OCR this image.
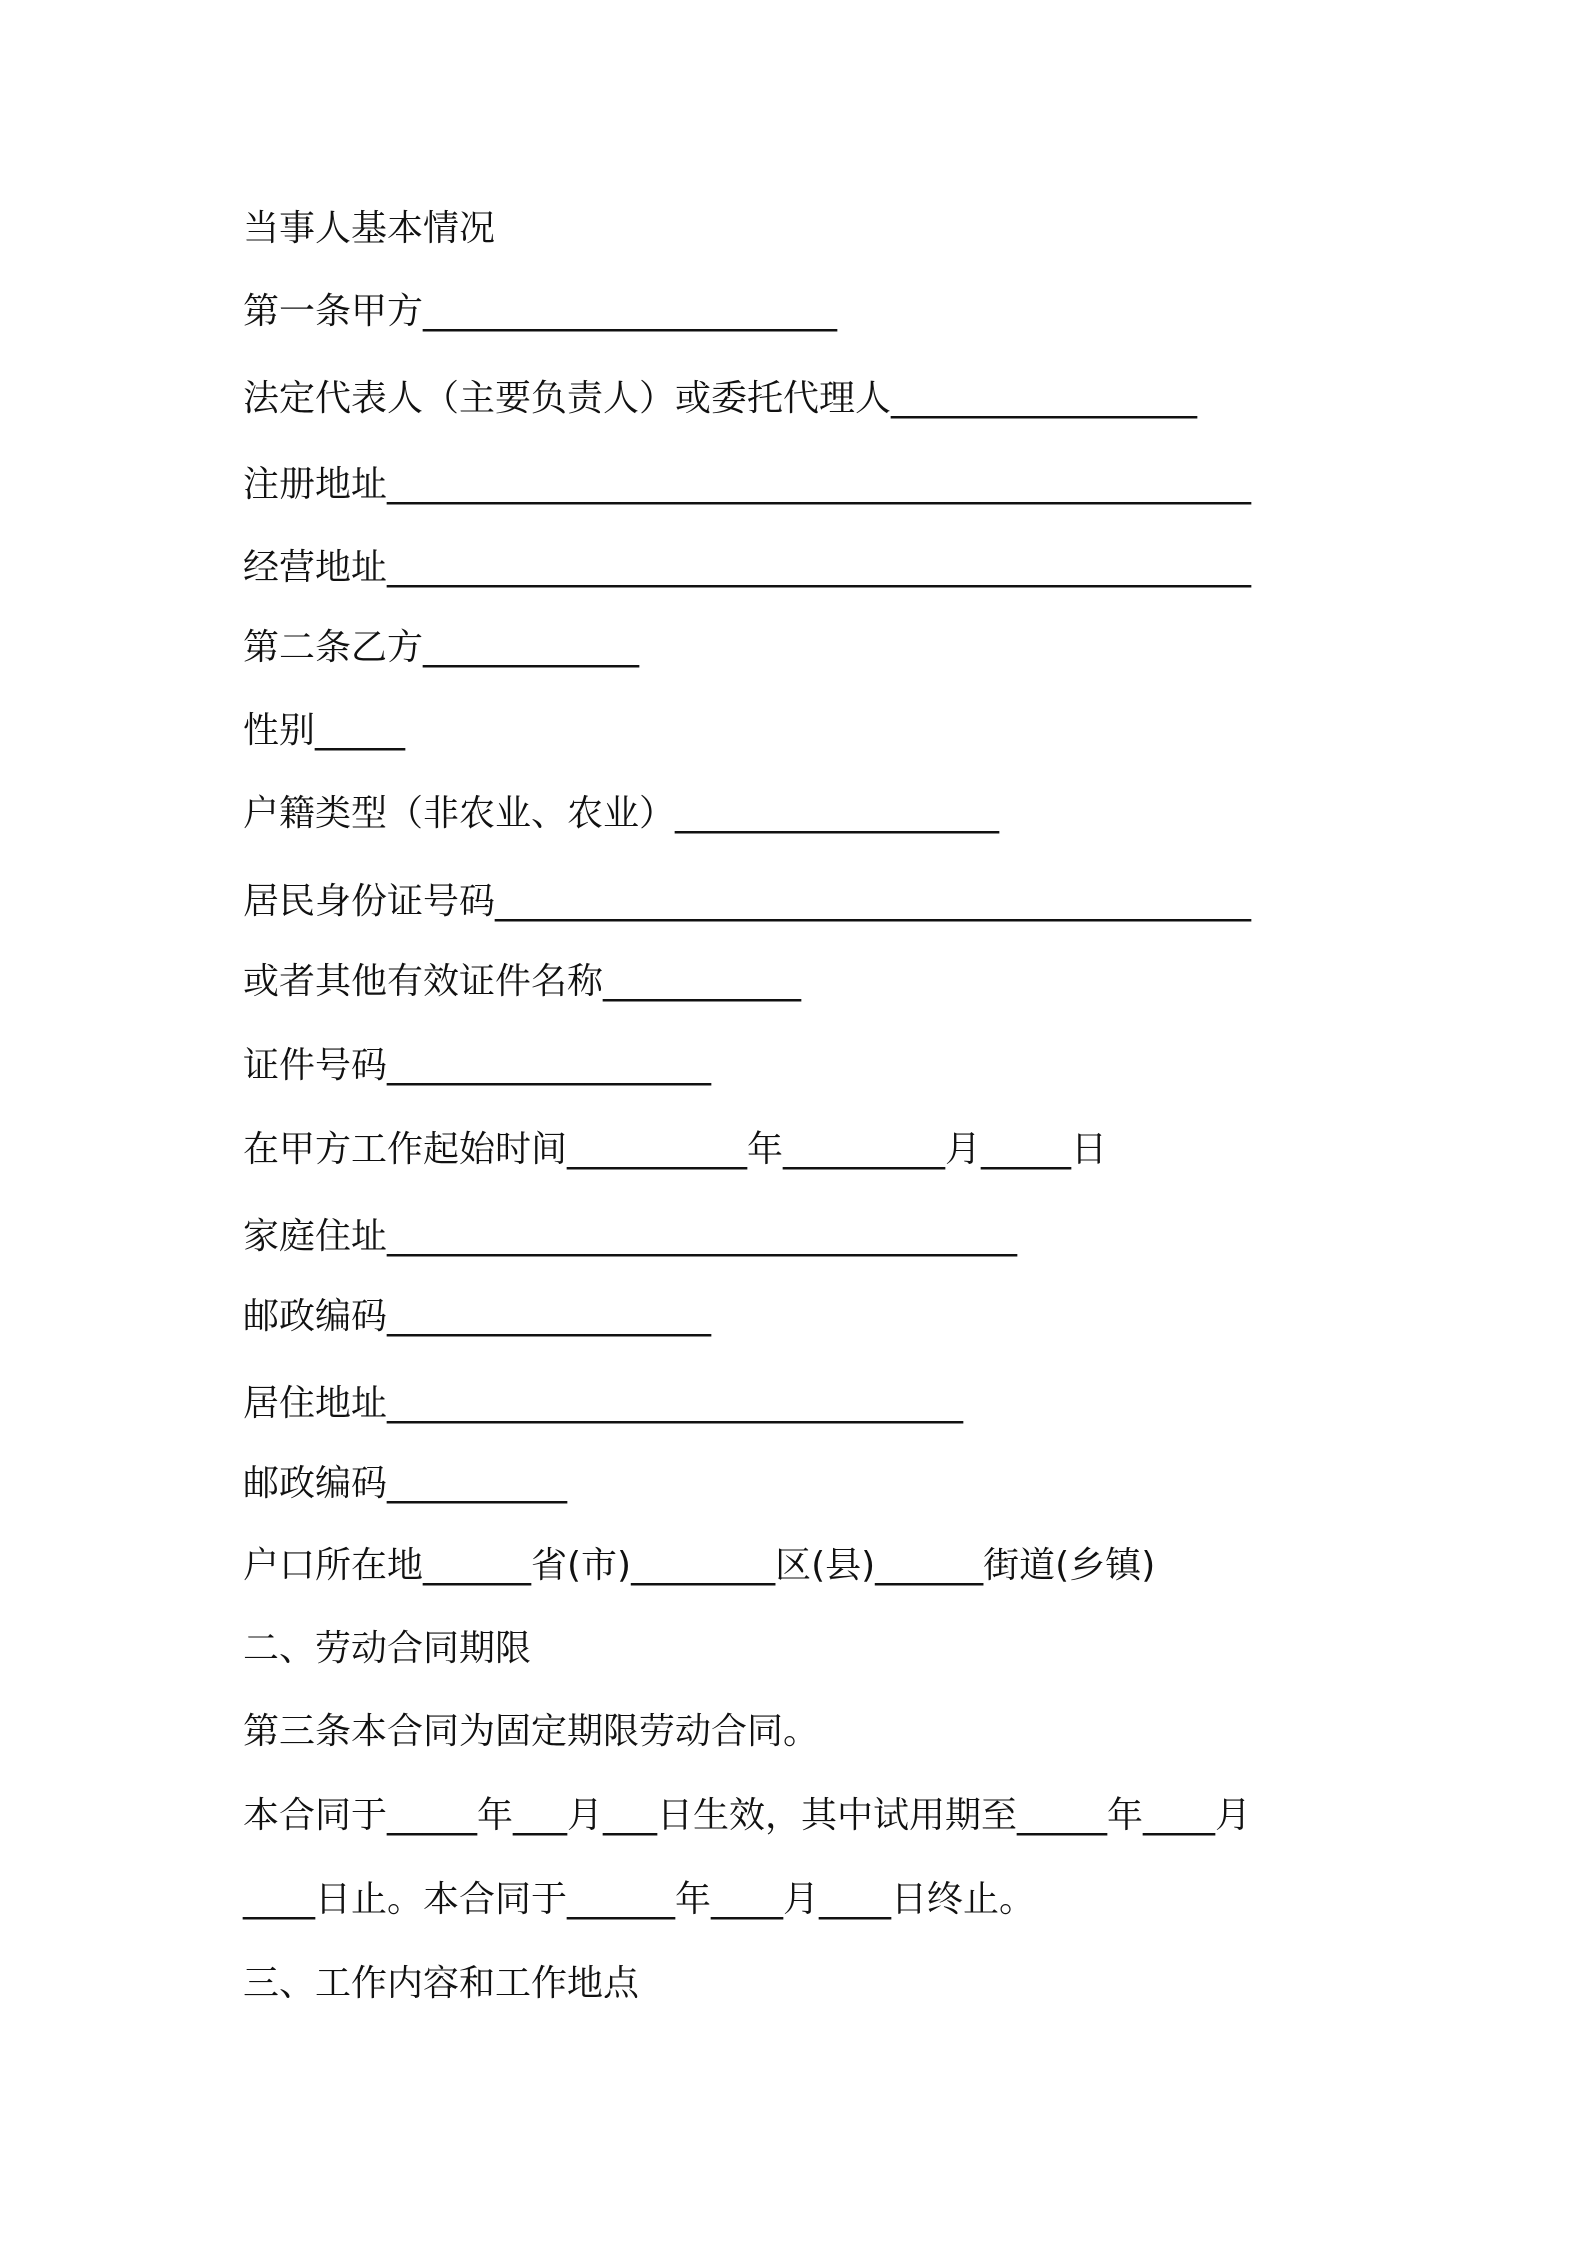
当事人基本情况
第一条甲方_______________________
法定代表人（主要负责人）或委托代理人_________________
注册地址________________________________________________
经营地址________________________________________________
第二条乙方____________
性别_____
户籍类型（非农业、农业）__________________
居民身份证号码__________________________________________
或者其他有效证件名称___________
证件号码__________________
在甲方工作起始时间__________年_________月_____日
家庭住址___________________________________
邮政编码__________________
居住地址________________________________
邮政编码__________
户口所在地______省(市)________区(县)______街道(乡镇)
二、劳动合同期限
第三条本合同为固定期限劳动合同。
本合同于_____年___月___日生效，其中试用期至_____年____月
____日止。本合同于______年____月____日终止。
三、工作内容和工作地点
